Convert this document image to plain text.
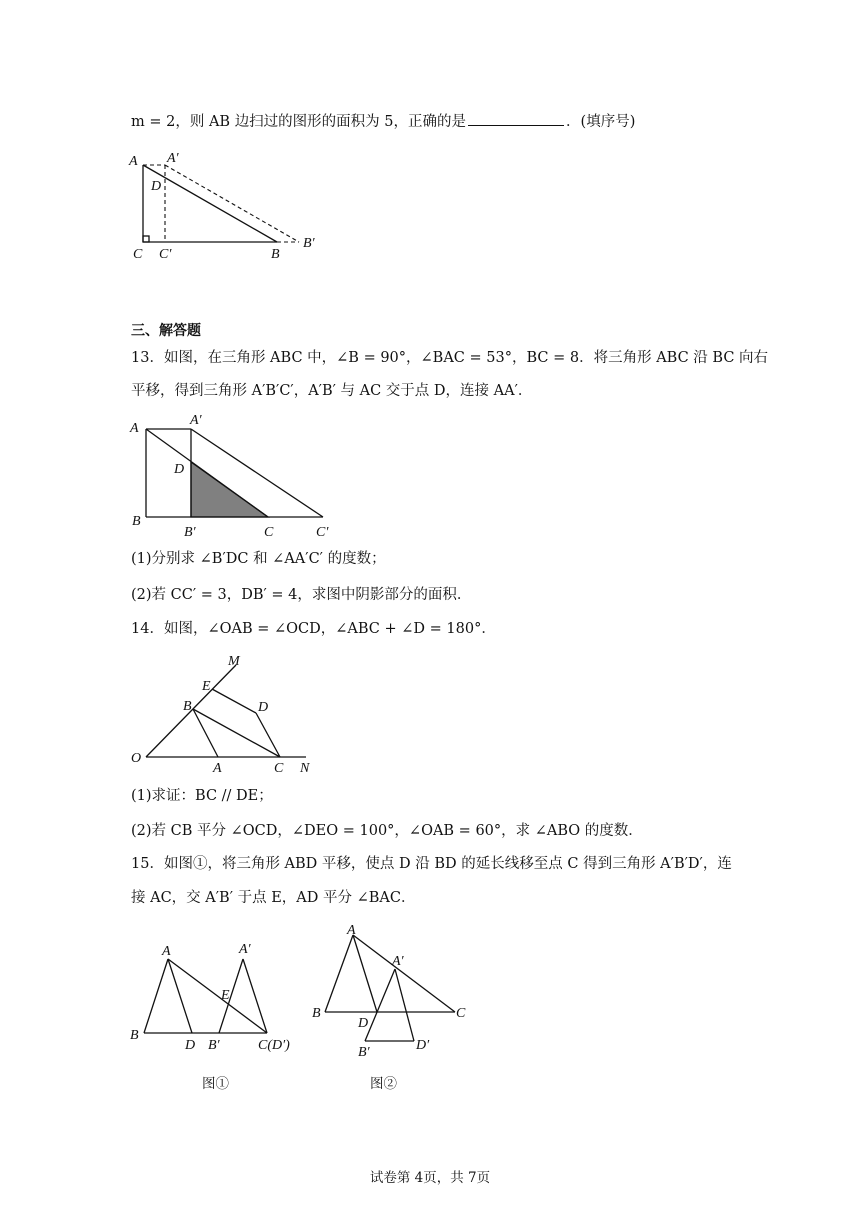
m = 2，则 AB 边扫过的图形的面积为 5，正确的是	．(填序号)
A A′
D
C C′	B
B′
三、解答题
13．如图，在三角形 ABC 中，∠B = 90°，∠BAC = 53°，BC = 8．将三角形 ABC 沿 BC 向右
平移，得到三角形 A′B′C′，A′B′ 与 AC 交于点 D，连接 AA′．
A
A′
D
B
B′	C	C′
(1)分别求 ∠B′DC 和 ∠AA′C′ 的度数；
(2)若 CC′ = 3，DB′ = 4，求图中阴影部分的面积．
14．如图，∠OAB = ∠OCD，∠ABC + ∠D = 180°．
M
E
B	D
O
A	C N
(1)求证：BC // DE；
(2)若 CB 平分 ∠OCD，∠DEO = 100°，∠OAB = 60°，求 ∠ABO 的度数．
15．如图①，将三角形 ABD 平移，使点 D 沿 BD 的延长线移至点 C 得到三角形 A′B′D′，连
接 AC，交 A′B′ 于点 E，AD 平分 ∠BAC．
A	A′
E
B
D B′	C(D′)
图①
A
A′
B
D
C
B′	D′
图②
试卷第 4页，共 7页
